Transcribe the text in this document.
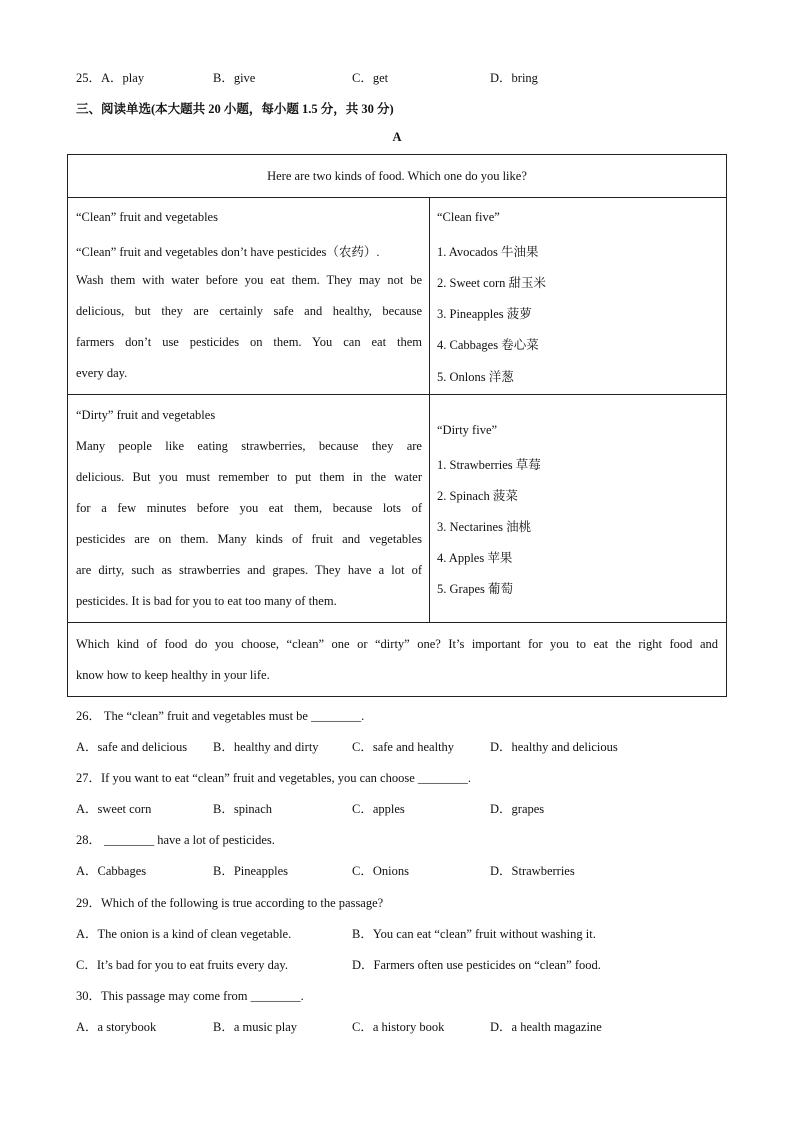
25．A．play	B．give	C．get	D．bring
三、阅读单选(本大题共 20 小题，每小题 1.5 分，共 30 分)
A
Here are two kinds of food. Which one do you like?
“Clean” fruit and vegetables
“Clean” fruit and vegetables don’t have pesticides（农药）.
Wash them with water before you eat them. They may not be
delicious, but they are certainly safe and healthy, because
farmers don’t use pesticides on them. You can eat them
every day.
“Clean five”
1. Avocados 牛油果
2. Sweet corn 甜玉米
3. Pineapples 菠萝
4. Cabbages 卷心菜
5. Onlons 洋葱
“Dirty” fruit and vegetables
Many people like eating strawberries, because they are
delicious. But you must remember to put them in the water
for a few minutes before you eat them, because lots of
pesticides are on them. Many kinds of fruit and vegetables
are dirty, such as strawberries and grapes. They have a lot of
pesticides. It is bad for you to eat too many of them.
“Dirty five”
1. Strawberries 草莓
2. Spinach 菠菜
3. Nectarines 油桃
4. Apples 苹果
5. Grapes 葡萄
Which kind of food do you choose, “clean” one or “dirty” one? It’s important for you to eat the right food and
know how to keep healthy in your life.
26． The “clean” fruit and vegetables must be ________.
A．safe and delicious B．healthy and dirty	C．safe and healthy	D．healthy and delicious
27．If you want to eat “clean” fruit and vegetables, you can choose ________.
A．sweet corn	B．spinach	C．apples	D．grapes
28． ________ have a lot of pesticides.
A．Cabbages	B．Pineapples	C．Onions	D．Strawberries
29．Which of the following is true according to the passage?
A．The onion is a kind of clean vegetable.	B．You can eat “clean” fruit without washing it.
C．It’s bad for you to eat fruits every day.	D．Farmers often use pesticides on “clean” food.
30．This passage may come from ________.
A．a storybook	B．a music play	C．a history book	D．a health magazine
